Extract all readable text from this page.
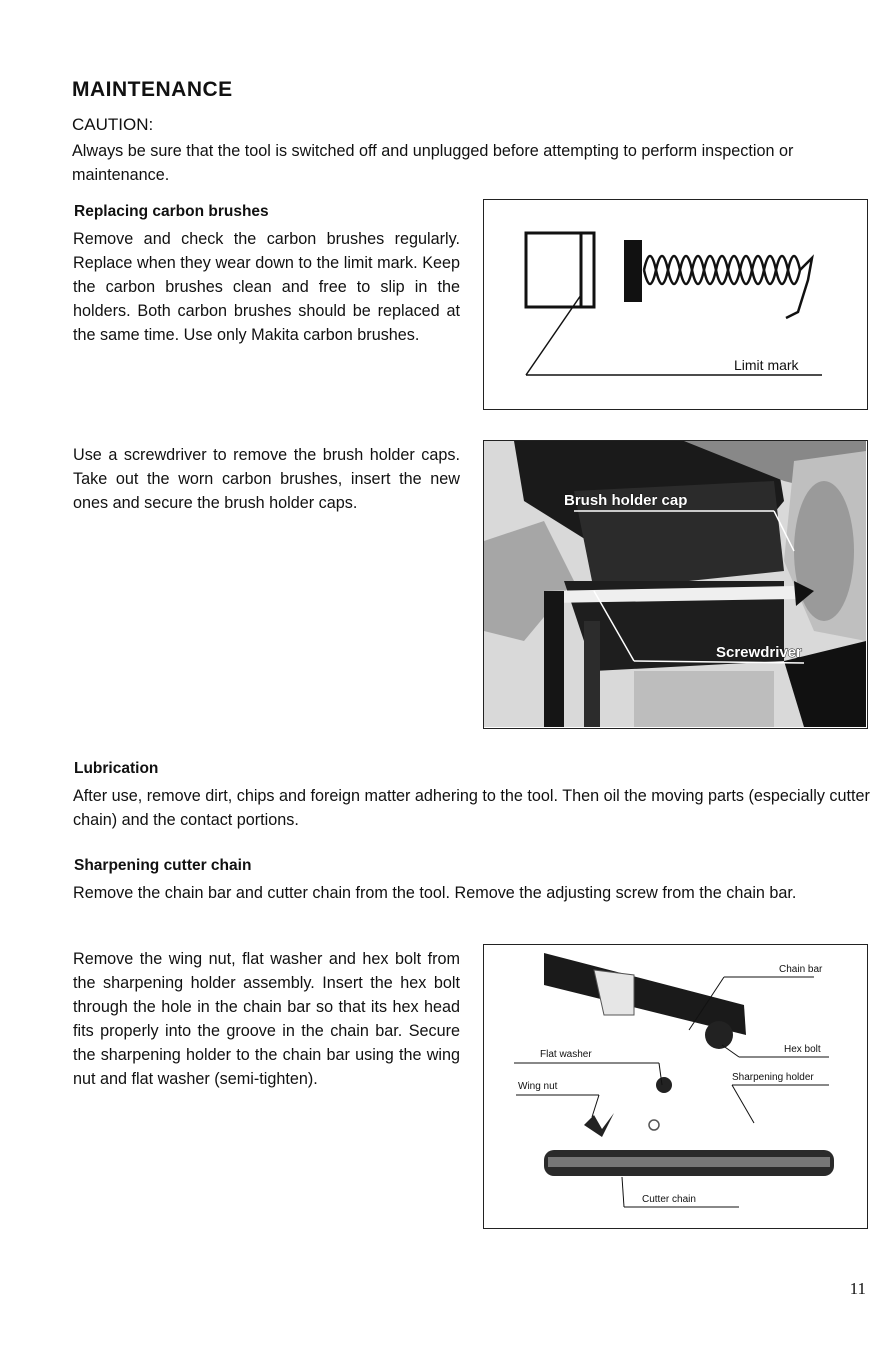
MAINTENANCE
CAUTION:
Always be sure that the tool is switched off and unplugged before attempting to perform inspection or maintenance.
Replacing carbon brushes
Remove and check the carbon brushes regularly. Replace when they wear down to the limit mark. Keep the carbon brushes clean and free to slip in the holders. Both carbon brushes should be replaced at the same time. Use only Makita carbon brushes.
Limit mark
Use a screwdriver to remove the brush holder caps. Take out the worn carbon brushes, insert the new ones and secure the brush holder caps.	Brush holder cap
Screwdriver
Lubrication
After use, remove dirt, chips and foreign matter adhering to the tool. Then oil the moving parts (especially cutter chain) and the contact portions.
Sharpening cutter chain
Remove the chain bar and cutter chain from the tool. Remove the adjusting screw from the chain bar.
Remove the wing nut, flat washer and hex bolt from the sharpening holder assembly. Insert the hex bolt through the hole in the chain bar so that its hex head fits properly into the groove in the chain bar. Secure the sharpening holder to the chain bar using the wing nut and flat washer (semi-tighten).
Chain bar
Flat washer	Hex bolt
Sharpening holder
Wing nut
Cutter chain
11
